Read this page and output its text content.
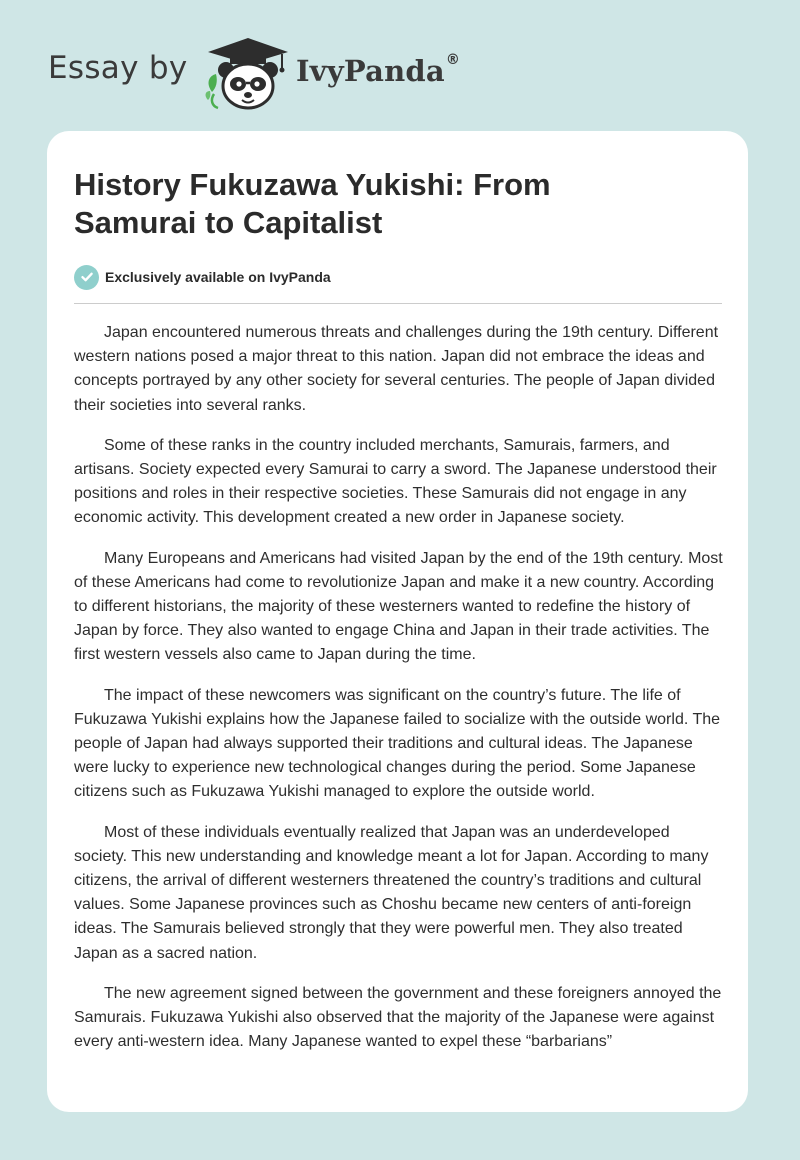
Essay by	IvyPanda®
History Fukuzawa Yukishi: From Samurai to Capitalist
Exclusively available on IvyPanda

Japan encountered numerous threats and challenges during the 19th century. Different western nations posed a major threat to this nation. Japan did not embrace the ideas and concepts portrayed by any other society for several centuries. The people of Japan divided their societies into several ranks.

Some of these ranks in the country included merchants, Samurais, farmers, and artisans. Society expected every Samurai to carry a sword. The Japanese understood their positions and roles in their respective societies. These Samurais did not engage in any economic activity. This development created a new order in Japanese society.

Many Europeans and Americans had visited Japan by the end of the 19th century. Most of these Americans had come to revolutionize Japan and make it a new country. According to different historians, the majority of these westerners wanted to redefine the history of Japan by force. They also wanted to engage China and Japan in their trade activities. The first western vessels also came to Japan during the time.

The impact of these newcomers was significant on the country’s future. The life of Fukuzawa Yukishi explains how the Japanese failed to socialize with the outside world. The people of Japan had always supported their traditions and cultural ideas. The Japanese were lucky to experience new technological changes during the period. Some Japanese citizens such as Fukuzawa Yukishi managed to explore the outside world.

Most of these individuals eventually realized that Japan was an underdeveloped society. This new understanding and knowledge meant a lot for Japan. According to many citizens, the arrival of different westerners threatened the country’s traditions and cultural values. Some Japanese provinces such as Choshu became new centers of anti-foreign ideas. The Samurais believed strongly that they were powerful men. They also treated Japan as a sacred nation.

The new agreement signed between the government and these foreigners annoyed the Samurais. Fukuzawa Yukishi also observed that the majority of the Japanese were against every anti-western idea. Many Japanese wanted to expel these “barbarians”
